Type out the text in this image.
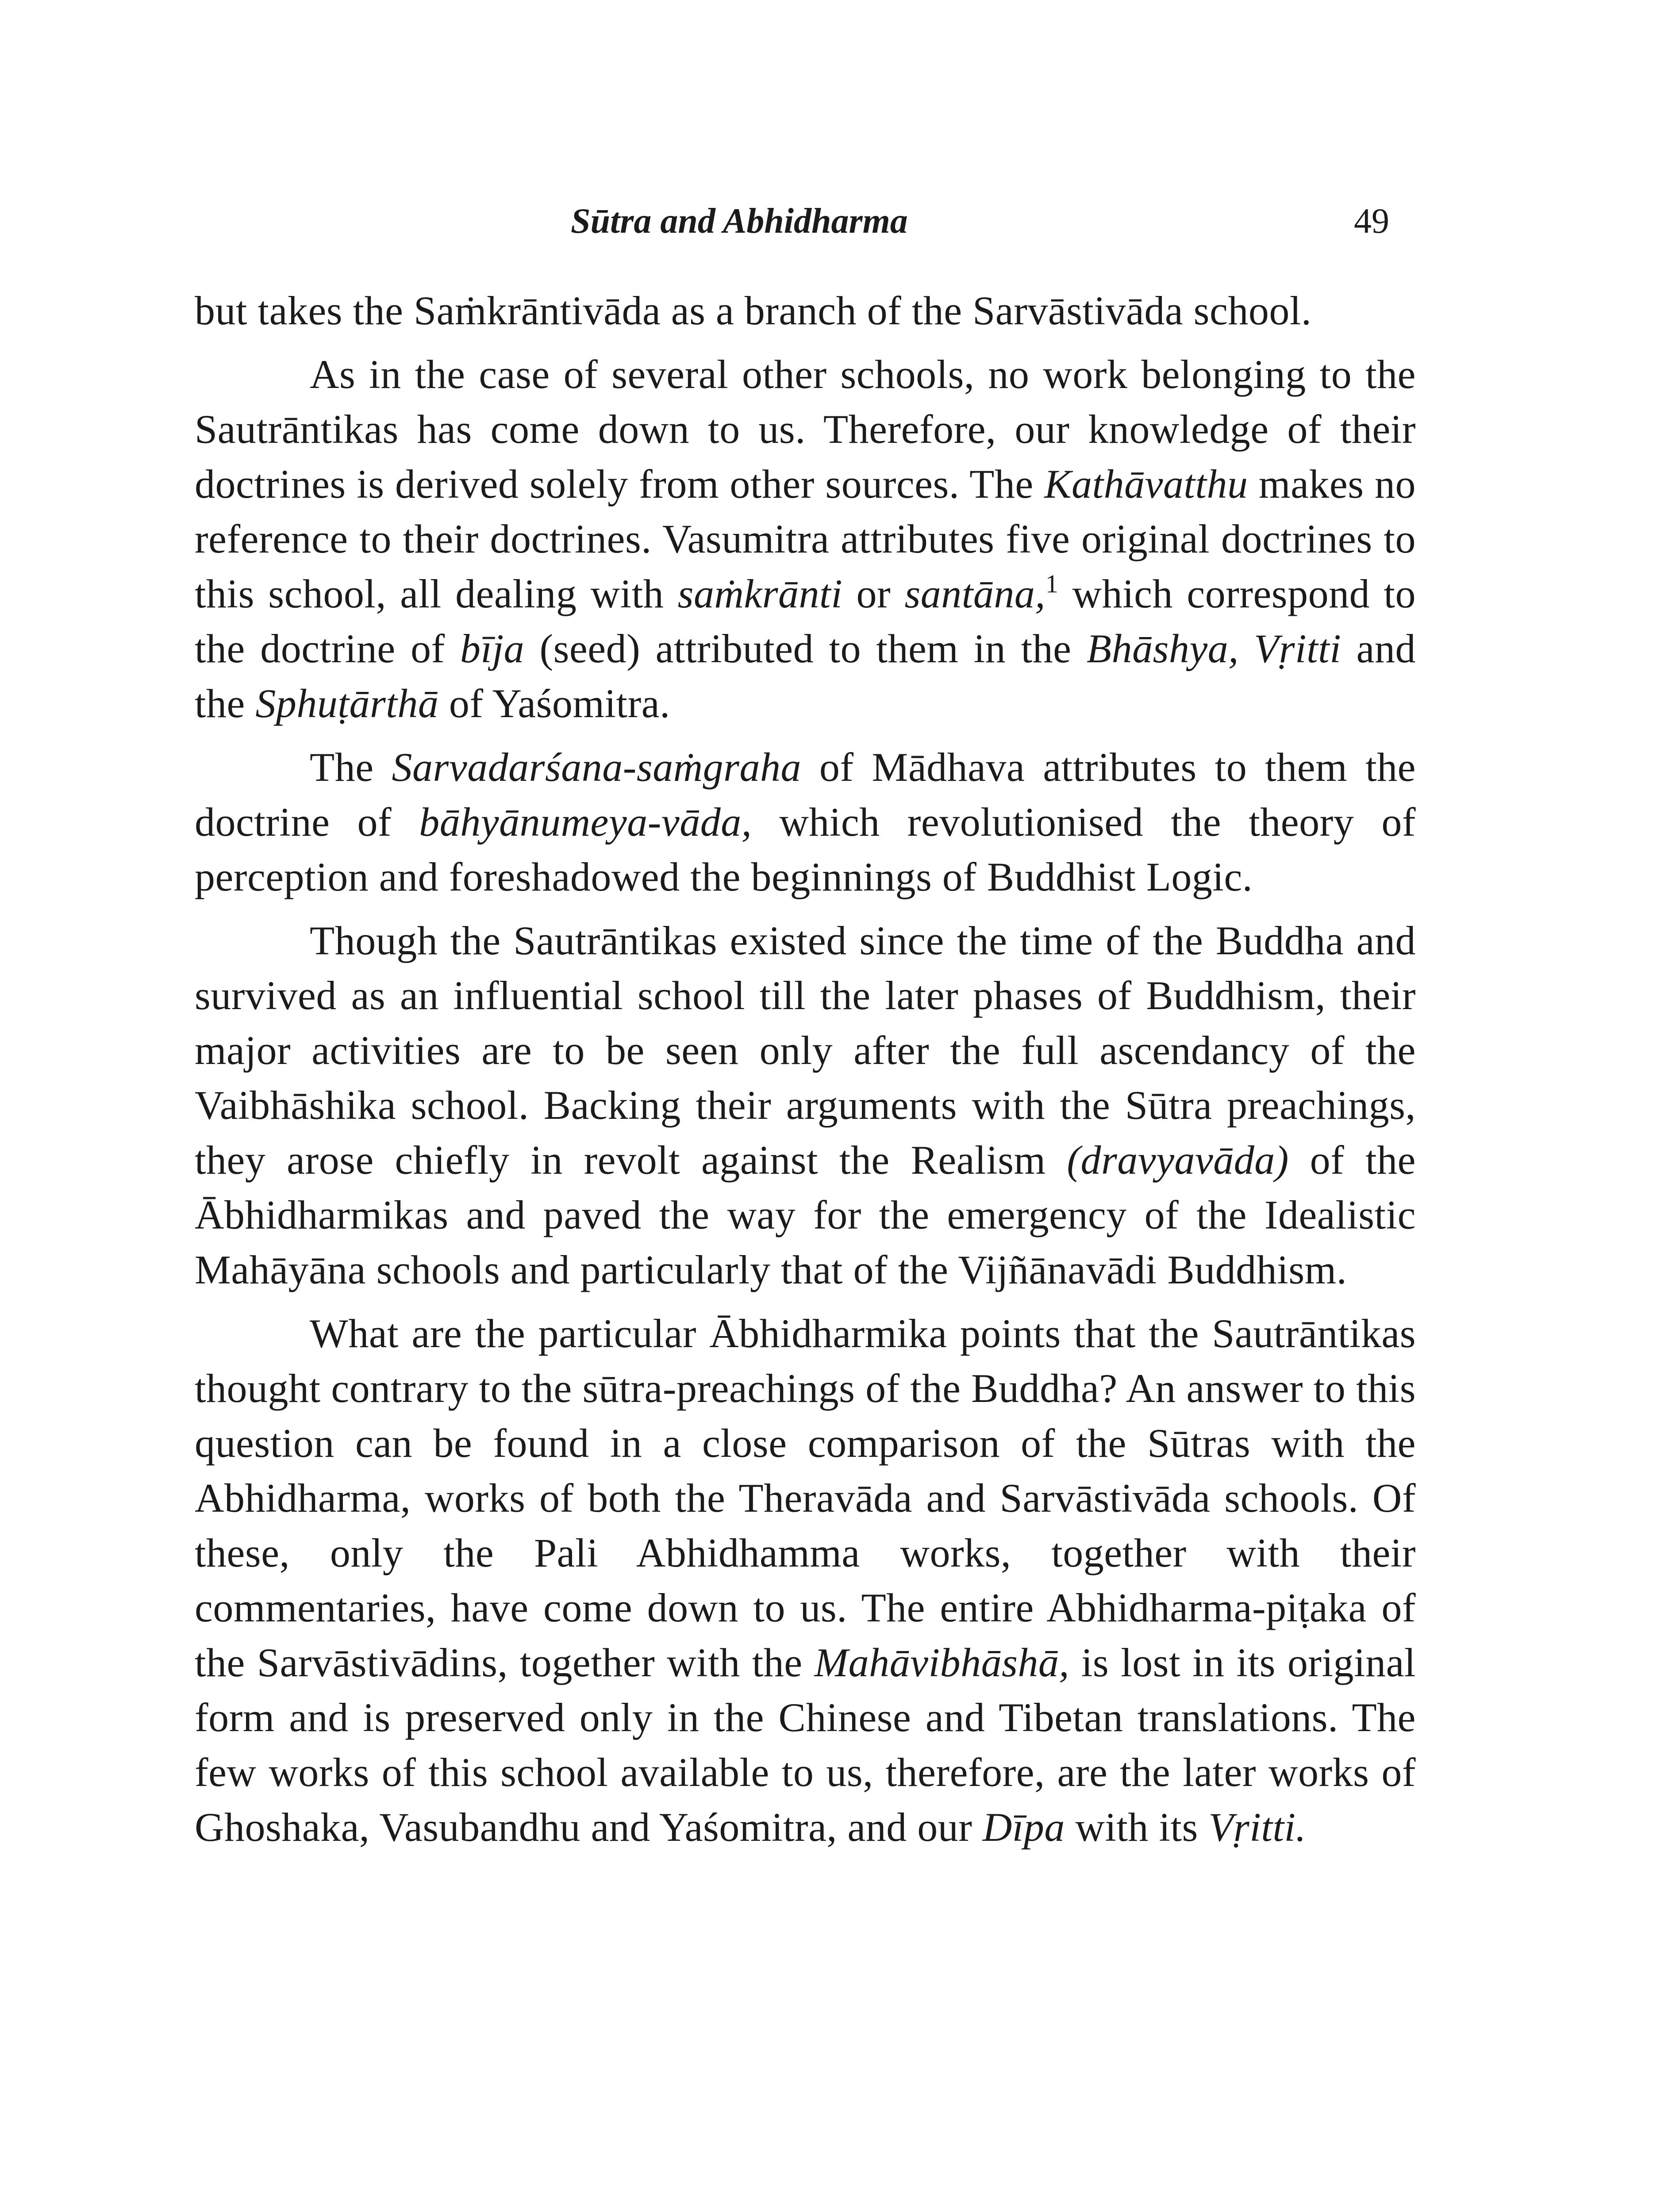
Sūtra and Abhidharma	49

but takes the Saṁkrāntivāda as a branch of the Sarvāstivāda school.

As in the case of several other schools, no work belonging to the Sautrāntikas has come down to us. Therefore, our knowledge of their doctrines is derived solely from other sources. The Kathāvatthu makes no reference to their doctrines. Vasumitra attributes five original doctrines to this school, all dealing with saṁkrānti or santāna,$^1$ which correspond to the doctrine of bīja (seed) attributed to them in the Bhāshya, Vṛitti and the Sphuṭārthā of Yaśomitra.

The Sarvadarśana-saṁgraha of Mādhava attributes to them the doctrine of bāhyānumeya-vāda, which revolutionised the theory of perception and foreshadowed the beginnings of Buddhist Logic.

Though the Sautrāntikas existed since the time of the Buddha and survived as an influential school till the later phases of Buddhism, their major activities are to be seen only after the full ascendancy of the Vaibhāshika school. Backing their arguments with the Sūtra preachings, they arose chiefly in revolt against the Realism (dravyavāda) of the Ābhidharmikas and paved the way for the emergency of the Idealistic Mahāyāna schools and particularly that of the Vijñānavādi Buddhism.

What are the particular Ābhidharmika points that the Sautrāntikas thought contrary to the sūtra-preachings of the Buddha? An answer to this question can be found in a close comparison of the Sūtras with the Abhidharma, works of both the Theravāda and Sarvāstivāda schools. Of these, only the Pali Abhidhamma works, together with their commentaries, have come down to us. The entire Abhidharma-piṭaka of the Sarvāstivādins, together with the Mahāvibhāshā, is lost in its original form and is preserved only in the Chinese and Tibetan translations. The few works of this school available to us, therefore, are the later works of Ghoshaka, Vasubandhu and Yaśomitra, and our Dīpa with its Vṛitti.
